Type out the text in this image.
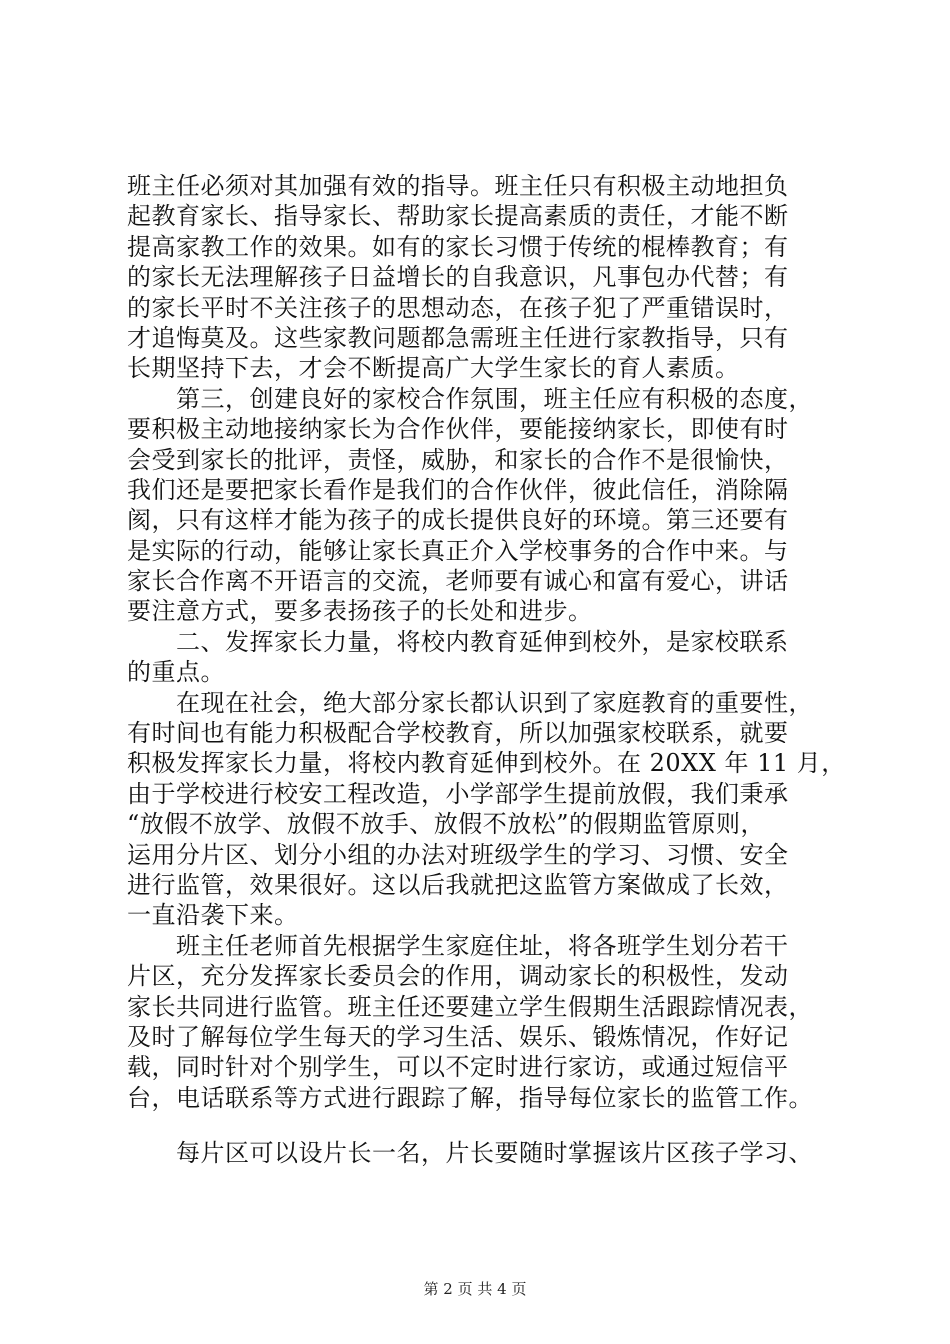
班主任必须对其加强有效的指导。班主任只有积极主动地担负
起教育家长、指导家长、帮助家长提高素质的责任，才能不断
提高家教工作的效果。如有的家长习惯于传统的棍棒教育；有
的家长无法理解孩子日益增长的自我意识，凡事包办代替；有
的家长平时不关注孩子的思想动态，在孩子犯了严重错误时，
才追悔莫及。这些家教问题都急需班主任进行家教指导，只有
长期坚持下去，才会不断提高广大学生家长的育人素质。
　　第三，创建良好的家校合作氛围，班主任应有积极的态度，
要积极主动地接纳家长为合作伙伴，要能接纳家长，即使有时
会受到家长的批评，责怪，威胁，和家长的合作不是很愉快，
我们还是要把家长看作是我们的合作伙伴，彼此信任，消除隔
阂，只有这样才能为孩子的成长提供良好的环境。第三还要有
是实际的行动，能够让家长真正介入学校事务的合作中来。与
家长合作离不开语言的交流，老师要有诚心和富有爱心，讲话
要注意方式，要多表扬孩子的长处和进步。
　　二、发挥家长力量，将校内教育延伸到校外，是家校联系
的重点。
　　在现在社会，绝大部分家长都认识到了家庭教育的重要性，
有时间也有能力积极配合学校教育，所以加强家校联系，就要
积极发挥家长力量，将校内教育延伸到校外。在 20XX 年 11 月，
由于学校进行校安工程改造，小学部学生提前放假，我们秉承
“放假不放学、放假不放手、放假不放松”的假期监管原则，
运用分片区、划分小组的办法对班级学生的学习、习惯、安全
进行监管，效果很好。这以后我就把这监管方案做成了长效，
一直沿袭下来。
　　班主任老师首先根据学生家庭住址，将各班学生划分若干
片区，充分发挥家长委员会的作用，调动家长的积极性，发动
家长共同进行监管。班主任还要建立学生假期生活跟踪情况表，
及时了解每位学生每天的学习生活、娱乐、锻炼情况，作好记
载，同时针对个别学生，可以不定时进行家访，或通过短信平
台，电话联系等方式进行跟踪了解，指导每位家长的监管工作。
　　每片区可以设片长一名，片长要随时掌握该片区孩子学习、
第 2 页 共 4 页
